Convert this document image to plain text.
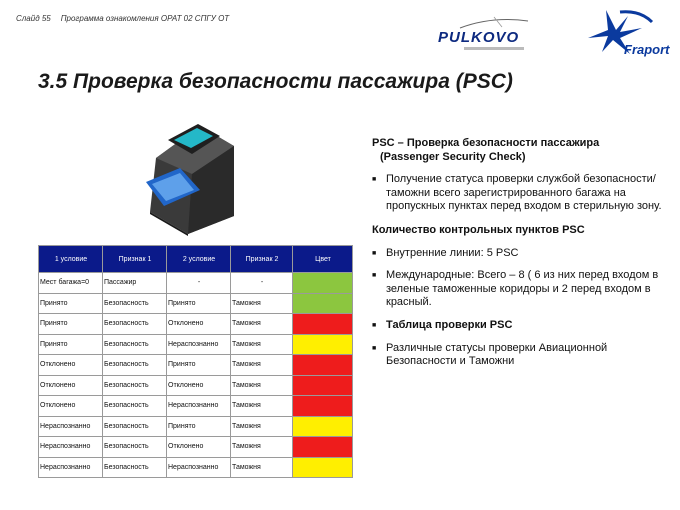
Слайд 55 Программа ознакомления OPAT 02 СПГУ ОТ
PULKOVO
Fraport
3.5 Проверка безопасности пассажира (PSC)
1 условие	Признак 1	2 условие	Признак 2	Цвет
Мест багажа=0	Пассажир	-	-	
Принято	Безопасность	Принято	Таможня	
Принято	Безопасность	Отклонено	Таможня	
Принято	Безопасность	Нераспознанно	Таможня	
Отклонено	Безопасность	Принято	Таможня	
Отклонено	Безопасность	Отклонено	Таможня	
Отклонено	Безопасность	Нераспознанно	Таможня	
Нераспознанно	Безопасность	Принято	Таможня	
Нераспознанно	Безопасность	Отклонено	Таможня	
Нераспознанно	Безопасность	Нераспознанно	Таможня	

PSC – Проверка безопасности пассажира

(Passenger Security Check)

■ Получение статуса проверки службой безопасности/таможни всего зарегистрированного багажа на пропускных пунктах перед входом в стерильную зону.

Количество контрольных пунктов PSC

■ Внутренние линии: 5 PSC
■ Международные: Всего – 8 ( 6 из них перед входом в зеленые таможенные коридоры и 2 перед входом в красный.
■ Таблица проверки PSC
■ Различные статусы проверки Авиационной Безопасности и Таможни
